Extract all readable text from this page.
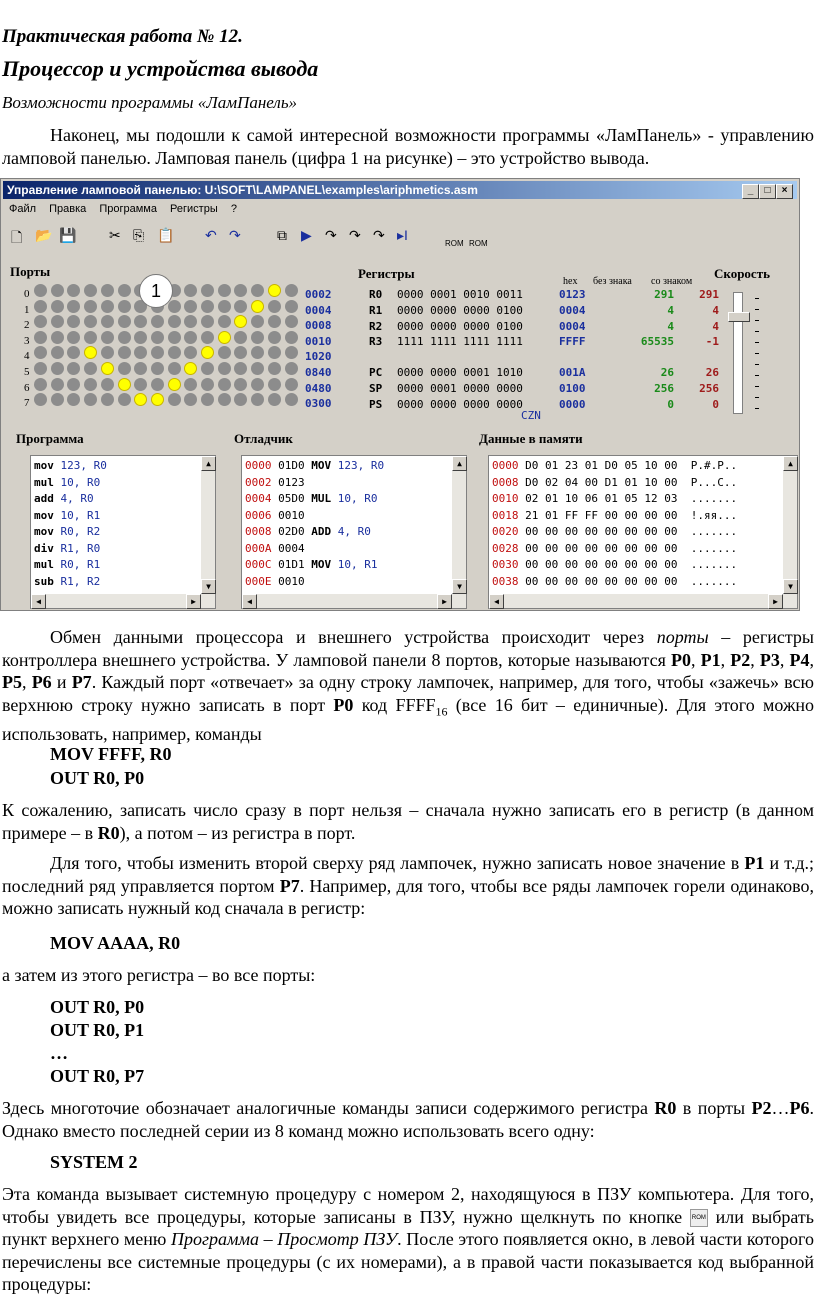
Практическая работа № 12.
Процессор и устройства вывода
Возможности программы «ЛамПанель»
Наконец, мы подошли к самой интересной возможности программы «ЛамПанель» - управлению ламповой панелью. Ламповая панель (цифра 1 на рисунке) – это устройство вывода.
Управление ламповой панелью: U:\SOFT\LAMPANEL\examples\ariphmetics.asm	_	□	×
Файл Правка Программа Регистры ?
🗋 📂 💾 ✂ ⎘ 📋 ↶ ↷	⧉ ▶ ↷ ↷ ↷ ▸I
ROM ROM
Порты	Регистры	Скорость
hex без знака со знаком
0	0002
1	0004
2	0008
3	0010
4	1020
5	0840
6	0480
7	0300
1	R0 0000 0001 0010 0011	0123	291	291
R1 0000 0000 0000 0100	0004	4	4
R2 0000 0000 0000 0100	0004	4	4
R3 1111 1111 1111 1111	FFFF	65535	-1
PC 0000 0000 0001 1010	001A	26	26
SP 0000 0001 0000 0000	0100	256	256
PS 0000 0000 0000 0000	0000	0	0
CZN
Программа	Отладчик	Данные в памяти
mov 123, R0
mul 10, R0
add 4, R0
mov 10, R1
mov R0, R2
div R1, R0
mul R0, R1
sub R1, R2
▲
▼
◀	▶
0000 01D0 MOV 123, R0
0002 0123
0004 05D0 MUL 10, R0
0006 0010
0008 02D0 ADD 4, R0
000A 0004
000C 01D1 MOV 10, R1
000E 0010
▲
▼
◀	▶
0000 D0 01 23 01 D0 05 10 00  P.#.P..
0008 D0 02 04 00 D1 01 10 00  P...C..
0010 02 01 10 06 01 05 12 03  .......
0018 21 01 FF FF 00 00 00 00  !.яя...
0020 00 00 00 00 00 00 00 00  .......
0028 00 00 00 00 00 00 00 00  .......
0030 00 00 00 00 00 00 00 00  .......
0038 00 00 00 00 00 00 00 00  .......
▲
▼
◀	▶
Обмен данными процессора и внешнего устройства происходит через порты – регистры контроллера внешнего устройства. У ламповой панели 8 портов, которые называются P0, P1, P2, P3, P4, P5, P6 и P7. Каждый порт «отвечает» за одну строку лампочек, например, для того, чтобы «зажечь» всю верхнюю строку нужно записать в порт P0 код $FFFF_{16}$ (все 16 бит – единичные). Для этого можно использовать, например, команды
MOV FFFF, R0
OUT R0, P0
К сожалению, записать число сразу в порт нельзя – сначала нужно записать его в регистр (в данном примере – в R0), а потом – из регистра в порт.
Для того, чтобы изменить второй сверху ряд лампочек, нужно записать новое значение в P1 и т.д.; последний ряд управляется портом P7. Например, для того, чтобы все ряды лампочек горели одинаково, можно записать нужный код сначала в регистр:
MOV AAAA, R0
а затем из этого регистра – во все порты:
OUT R0, P0
OUT R0, P1
…
OUT R0, P7
Здесь многоточие обозначает аналогичные команды записи содержимого регистра R0 в порты P2…P6. Однако вместо последней серии из 8 команд можно использовать всего одну:
SYSTEM 2
Эта команда вызывает системную процедуру с номером 2, находящуюся в ПЗУ компьютера. Для того, чтобы увидеть все процедуры, которые записаны в ПЗУ, нужно щелкнуть по кнопке ROM или выбрать пункт верхнего меню Программа – Просмотр ПЗУ. После этого появляется окно, в левой части которого перечислены все системные процедуры (с их номерами), а в правой части показывается код выбранной процедуры:
